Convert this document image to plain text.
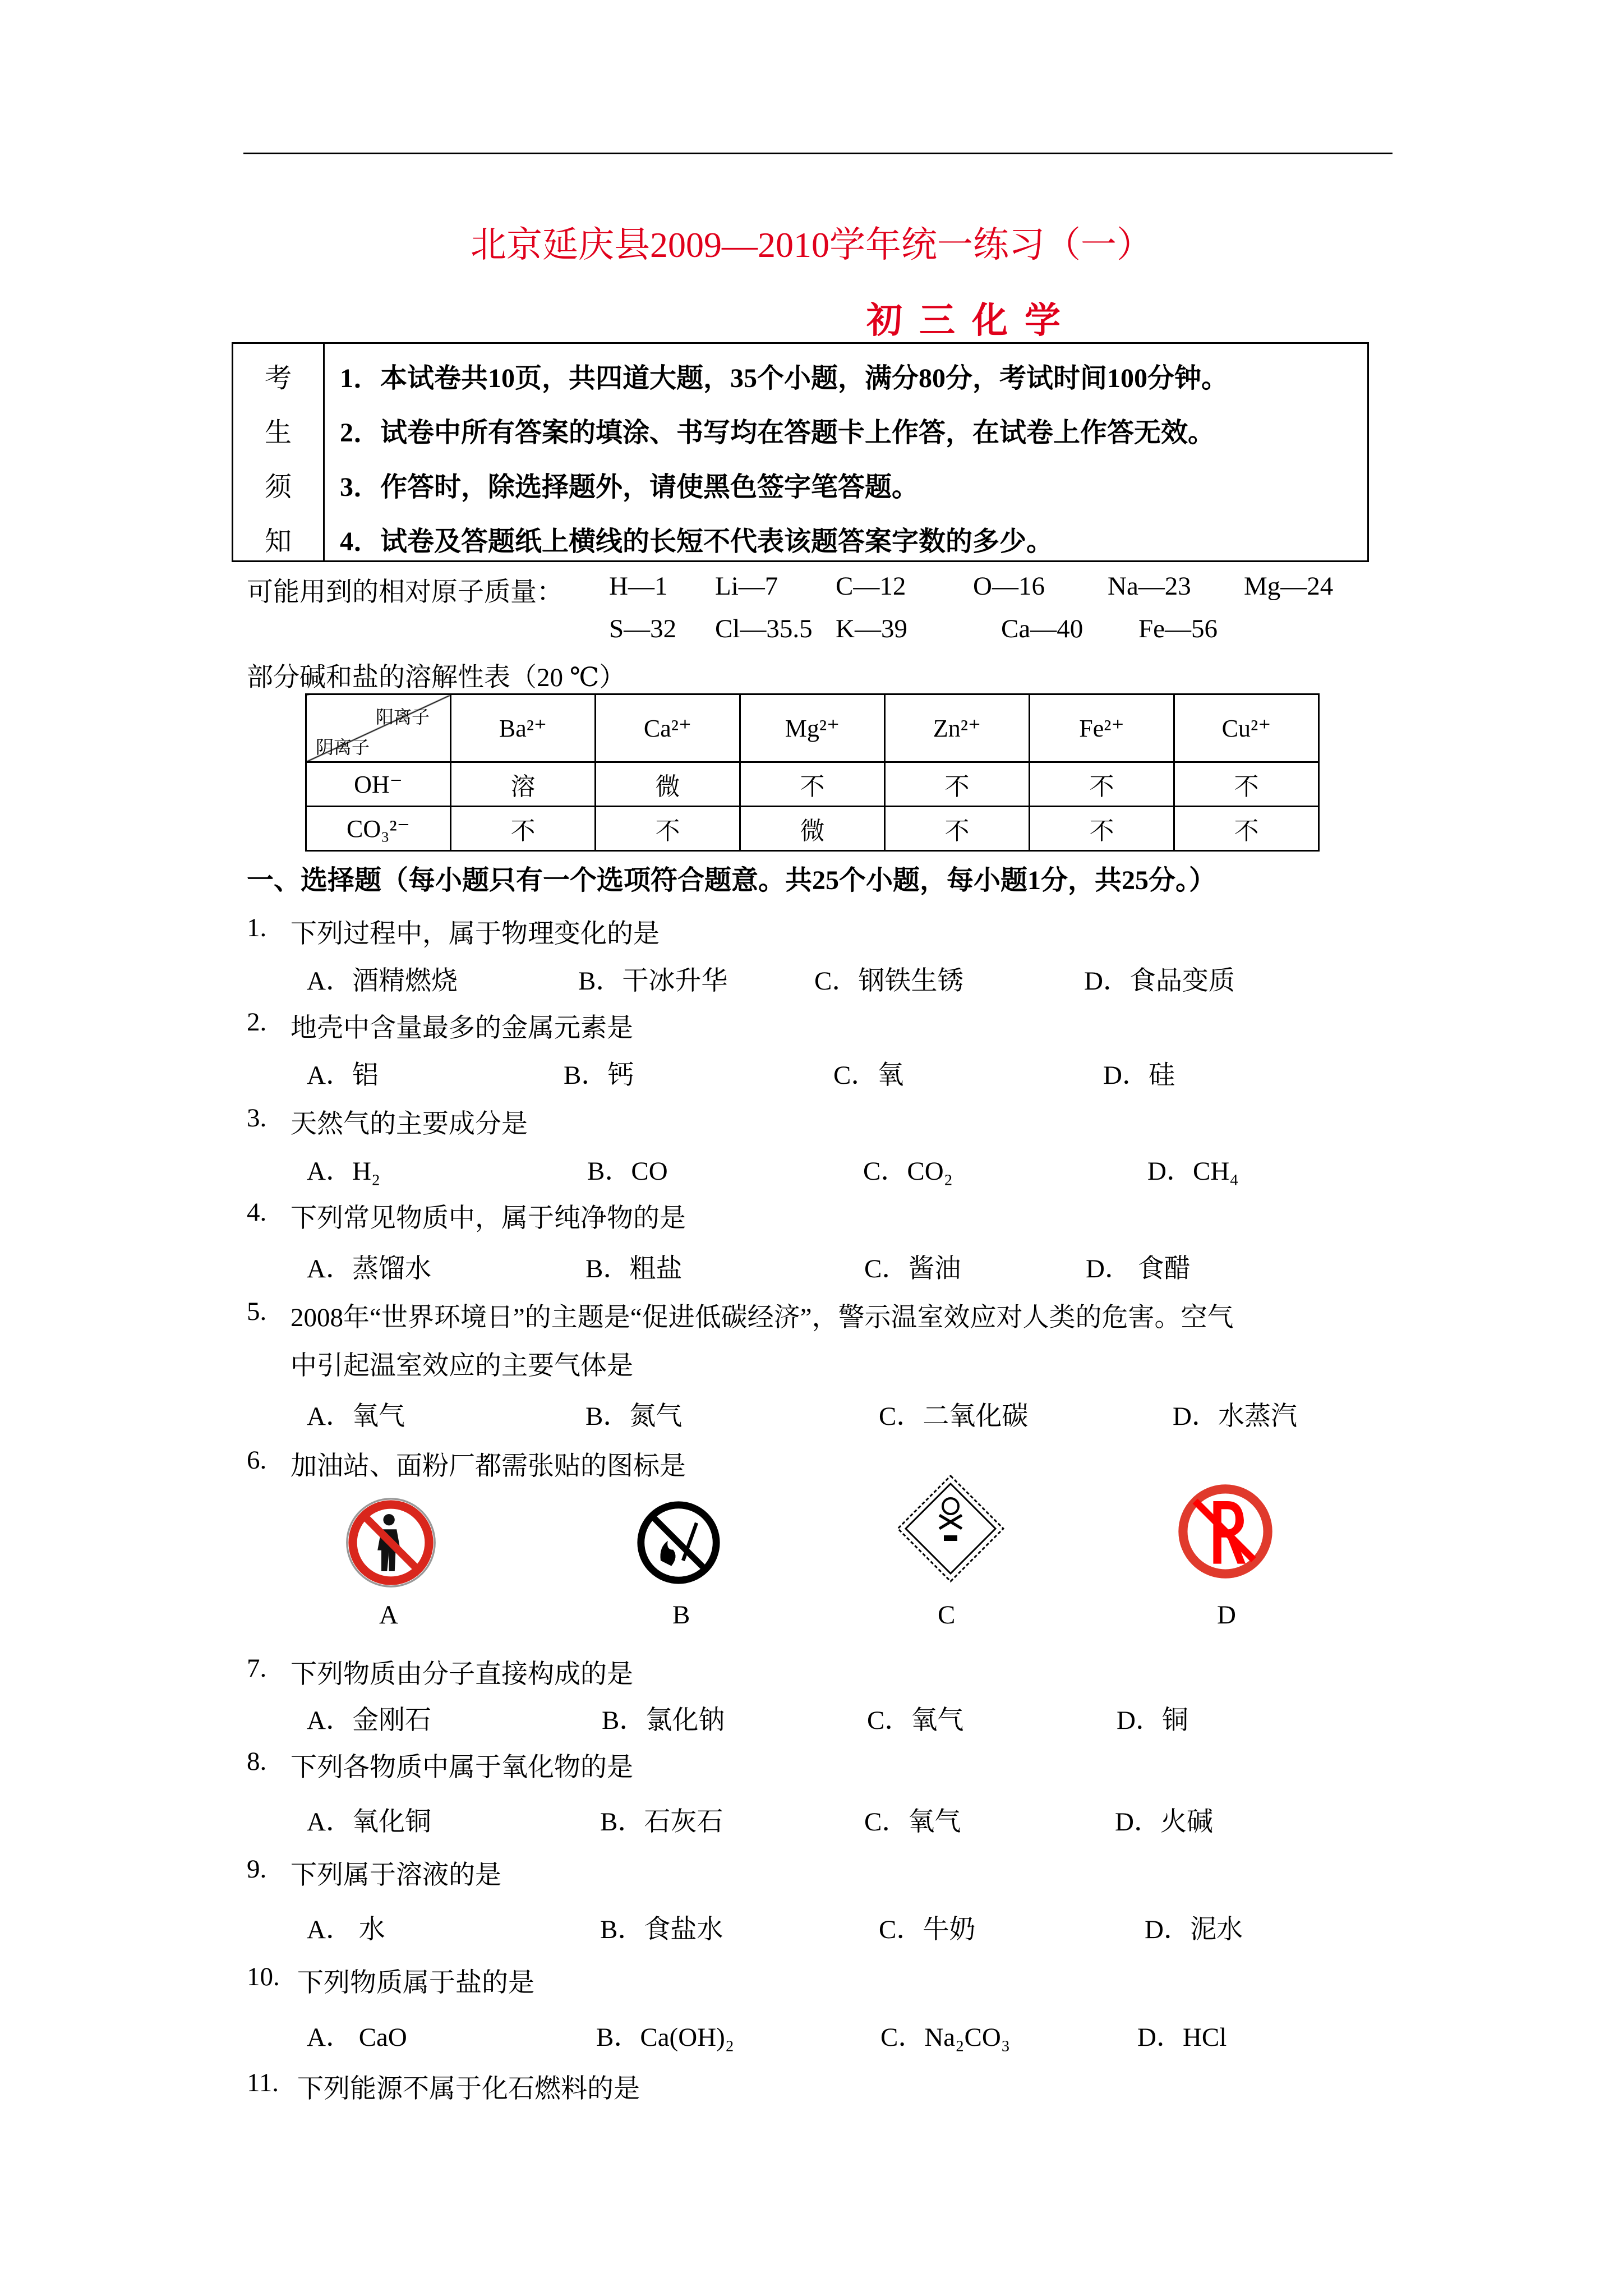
北京延庆县2009—2010学年统一练习（一）
初三化学
考
生
须
知
1．本试卷共10页，共四道大题，35个小题，满分80分，考试时间100分钟。
2．试卷中所有答案的填涂、书写均在答题卡上作答，在试卷上作答无效。
3．作答时，除选择题外，请使黑色签字笔答题。
4．试卷及答题纸上横线的长短不代表该题答案字数的多少。
可能用到的相对原子质量： H—1 Li—7 C—12	O—16 Na—23 Mg—24
S—32 Cl—35.5 K—39	Ca—40 Fe—56
部分碱和盐的溶解性表（20 ℃）
阳离子
阴离子	Ba²⁺	Ca²⁺	Mg²⁺	Zn²⁺	Fe²⁺	Cu²⁺
OH⁻	溶	微	不	不	不	不
CO₃²⁻	不	不	微	不	不	不
一、选择题（每小题只有一个选项符合题意。共25个小题，每小题1分，共25分。）
1. 下列过程中，属于物理变化的是
A．酒精燃烧	B．干冰升华	C．钢铁生锈	D．食品变质
2. 地壳中含量最多的金属元素是
A．铝	B．钙	C．氧	D．硅
3. 天然气的主要成分是
A．H₂	B．CO	C．CO₂	D．CH₄
4. 下列常见物质中，属于纯净物的是
A．蒸馏水	B．粗盐	C．酱油	D． 食醋
5. 2008年“世界环境日”的主题是“促进低碳经济”，警示温室效应对人类的危害。空气
中引起温室效应的主要气体是
A．氧气	B．氮气	C．二氧化碳	D．水蒸汽
6. 加油站、面粉厂都需张贴的图标是
A	B	C	D
7. 下列物质由分子直接构成的是
A．金刚石	B．氯化钠	C．氧气	D．铜
8. 下列各物质中属于氧化物的是
A．氧化铜	B．石灰石	C．氧气	D．火碱
9. 下列属于溶液的是
A． 水	B．食盐水	C．牛奶	D．泥水
10. 下列物质属于盐的是
A． CaO	B．Ca(OH)₂	C．Na₂CO₃	D．HCl
11. 下列能源不属于化石燃料的是
